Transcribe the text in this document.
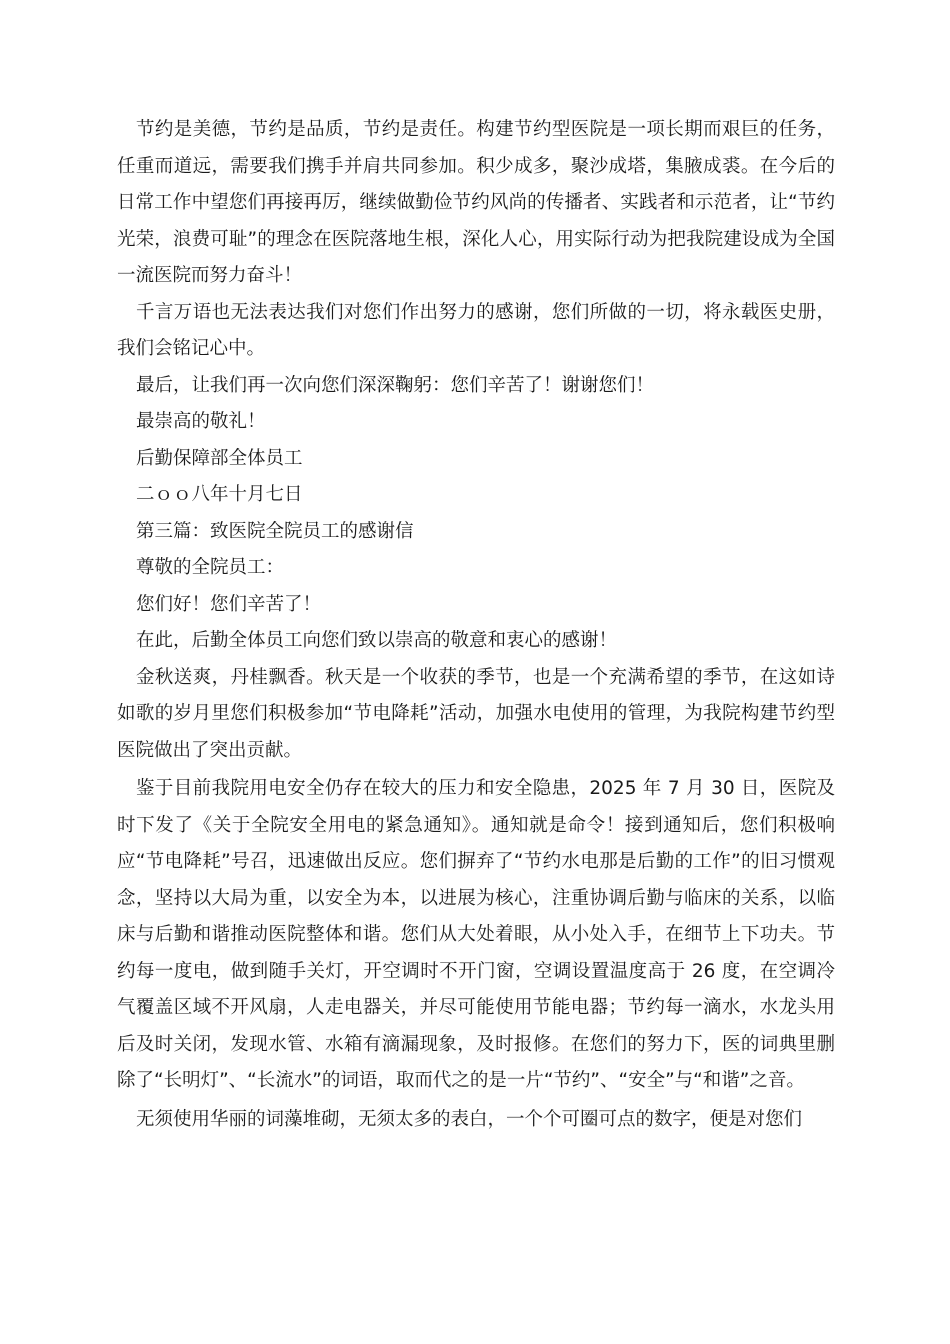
节约是美德，节约是品质，节约是责任。构建节约型医院是一项长期而艰巨的任务，任重而道远，需要我们携手并肩共同参加。积少成多，聚沙成塔，集腋成裘。在今后的日常工作中望您们再接再厉，继续做勤俭节约风尚的传播者、实践者和示范者，让“节约光荣，浪费可耻”的理念在医院落地生根，深化人心，用实际行动为把我院建设成为全国一流医院而努力奋斗！

千言万语也无法表达我们对您们作出努力的感谢，您们所做的一切，将永载医史册，我们会铭记心中。

最后，让我们再一次向您们深深鞠躬：您们辛苦了！谢谢您们！

最崇高的敬礼！

后勤保障部全体员工

二ｏｏ八年十月七日

第三篇：致医院全院员工的感谢信

尊敬的全院员工：

您们好！您们辛苦了！

在此，后勤全体员工向您们致以崇高的敬意和衷心的感谢！

金秋送爽，丹桂飘香。秋天是一个收获的季节，也是一个充满希望的季节，在这如诗如歌的岁月里您们积极参加“节电降耗”活动，加强水电使用的管理，为我院构建节约型医院做出了突出贡献。

鉴于目前我院用电安全仍存在较大的压力和安全隐患，2025 年 7 月 30 日，医院及时下发了《关于全院安全用电的紧急通知》。通知就是命令！接到通知后，您们积极响应“节电降耗”号召，迅速做出反应。您们摒弃了“节约水电那是后勤的工作”的旧习惯观念，坚持以大局为重，以安全为本，以进展为核心，注重协调后勤与临床的关系，以临床与后勤和谐推动医院整体和谐。您们从大处着眼，从小处入手，在细节上下功夫。节约每一度电，做到随手关灯，开空调时不开门窗，空调设置温度高于 26 度，在空调冷气覆盖区域不开风扇，人走电器关，并尽可能使用节能电器；节约每一滴水，水龙头用后及时关闭，发现水管、水箱有滴漏现象，及时报修。在您们的努力下，医的词典里删除了“长明灯”、“长流水”的词语，取而代之的是一片“节约”、“安全”与“和谐”之音。

无须使用华丽的词藻堆砌，无须太多的表白，一个个可圈可点的数字，便是对您们
